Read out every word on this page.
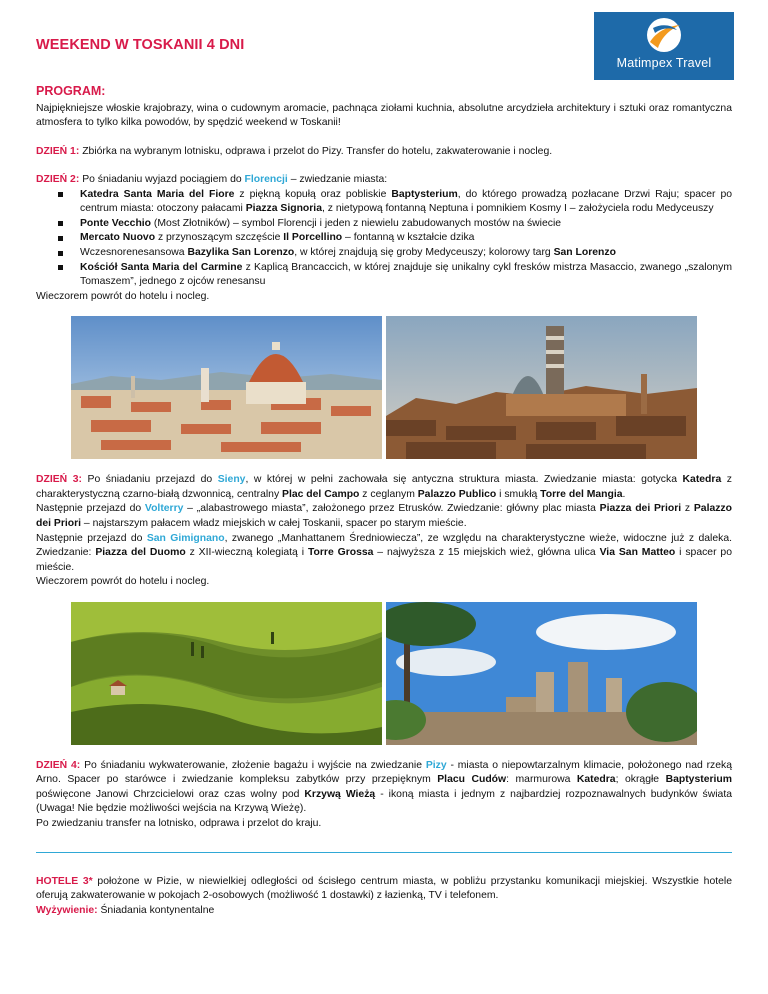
WEEKEND W TOSKANII 4 DNI
Matimpex Travel
PROGRAM:

Najpiękniejsze włoskie krajobrazy, wina o cudownym aromacie, pachnąca ziołami kuchnia, absolutne arcydzieła architektury i sztuki oraz romantyczna atmosfera to tylko kilka powodów, by spędzić weekend w Toskanii!

DZIEŃ 1: Zbiórka na wybranym lotnisku, odprawa i przelot do Pizy. Transfer do hotelu, zakwaterowanie i nocleg.

DZIEŃ 2: Po śniadaniu wyjazd pociągiem do Florencji – zwiedzanie miasta:

Katedra Santa Maria del Fiore z piękną kopułą oraz pobliskie Baptysterium, do którego prowadzą pozłacane Drzwi Raju; spacer po centrum miasta: otoczony pałacami Piazza Signoria, z nietypową fontanną Neptuna i pomnikiem Kosmy I – założyciela rodu Medyceuszy
Ponte Vecchio (Most Złotników) – symbol Florencji i jeden z niewielu zabudowanych mostów na świecie
Mercato Nuovo z przynoszącym szczęście Il Porcellino – fontanną w kształcie dzika
Wczesnorenesansowa Bazylika San Lorenzo, w której znajdują się groby Medyceuszy; kolorowy targ San Lorenzo
Kościół Santa Maria del Carmine z Kaplicą Brancaccich, w której znajduje się unikalny cykl fresków mistrza Masaccio, zwanego „szalonym Tomaszem”, jednego z ojców renesansu

Wieczorem powrót do hotelu i nocleg.

DZIEŃ 3: Po śniadaniu przejazd do Sieny, w której w pełni zachowała się antyczna struktura miasta. Zwiedzanie miasta: gotycka Katedra z charakterystyczną czarno-białą dzwonnicą, centralny Plac del Campo z ceglanym Palazzo Publico i smukłą Torre del Mangia.

Następnie przejazd do Volterry – „alabastrowego miasta”, założonego przez Etrusków. Zwiedzanie: główny plac miasta Piazza dei Priori z Palazzo dei Priori – najstarszym pałacem władz miejskich w całej Toskanii, spacer po starym mieście.

Następnie przejazd do San Gimignano, zwanego „Manhattanem Średniowiecza”, ze względu na charakterystyczne wieże, widoczne już z daleka. Zwiedzanie: Piazza del Duomo z XII-wieczną kolegiatą i Torre Grossa – najwyższa z 15 miejskich wież, główna ulica Via San Matteo i spacer po mieście.

Wieczorem powrót do hotelu i nocleg.

DZIEŃ 4: Po śniadaniu wykwaterowanie, złożenie bagażu i wyjście na zwiedzanie Pizy - miasta o niepowtarzalnym klimacie, położonego nad rzeką Arno. Spacer po starówce i zwiedzanie kompleksu zabytków przy przepięknym Placu Cudów: marmurowa Katedra; okrągłe Baptysterium poświęcone Janowi Chrzcicielowi oraz czas wolny pod Krzywą Wieżą - ikoną miasta i jednym z najbardziej rozpoznawalnych budynków świata (Uwaga! Nie będzie możliwości wejścia na Krzywą Wieżę).

Po zwiedzaniu transfer na lotnisko, odprawa i przelot do kraju.

HOTELE 3* położone w Pizie, w niewielkiej odległości od ścisłego centrum miasta, w pobliżu przystanku komunikacji miejskiej. Wszystkie hotele oferują zakwaterowanie w pokojach 2-osobowych (możliwość 1 dostawki) z łazienką, TV i telefonem.

Wyżywienie: Śniadania kontynentalne
